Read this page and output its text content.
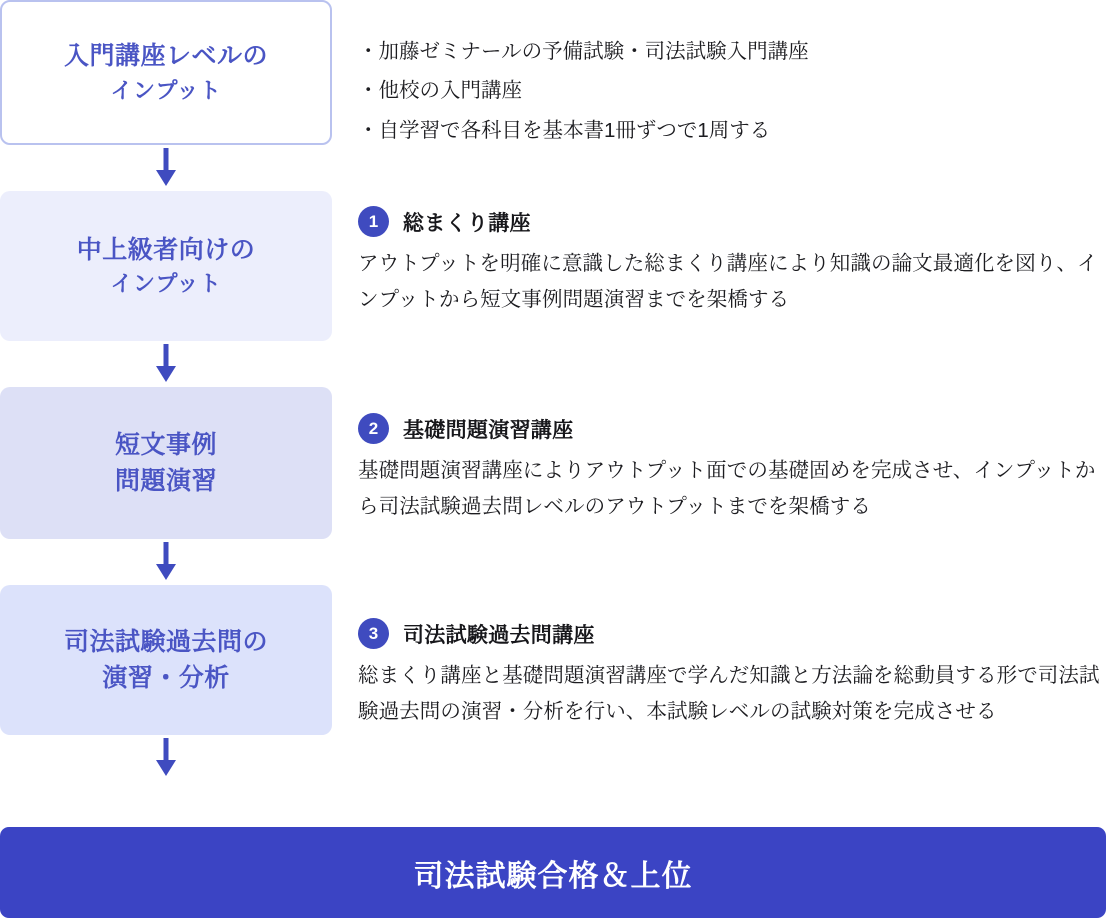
入門講座レベルの
インプット
中上級者向けの
インプット
短文事例
問題演習
司法試験過去問の
演習・分析
・加藤ゼミナールの予備試験・司法試験入門講座
・他校の入門講座
・自学習で各科目を基本書1冊ずつで1周する
1	総まくり講座
アウトプットを明確に意識した総まくり講座により知識の論文最適化を図り、インプットから短文事例問題演習までを架橋する
2	基礎問題演習講座
基礎問題演習講座によりアウトプット面での基礎固めを完成させ、インプットから司法試験過去問レベルのアウトプットまでを架橋する
3	司法試験過去問講座
総まくり講座と基礎問題演習講座で学んだ知識と方法論を総動員する形で司法試験過去問の演習・分析を行い、本試験レベルの試験対策を完成させる
司法試験合格＆上位
